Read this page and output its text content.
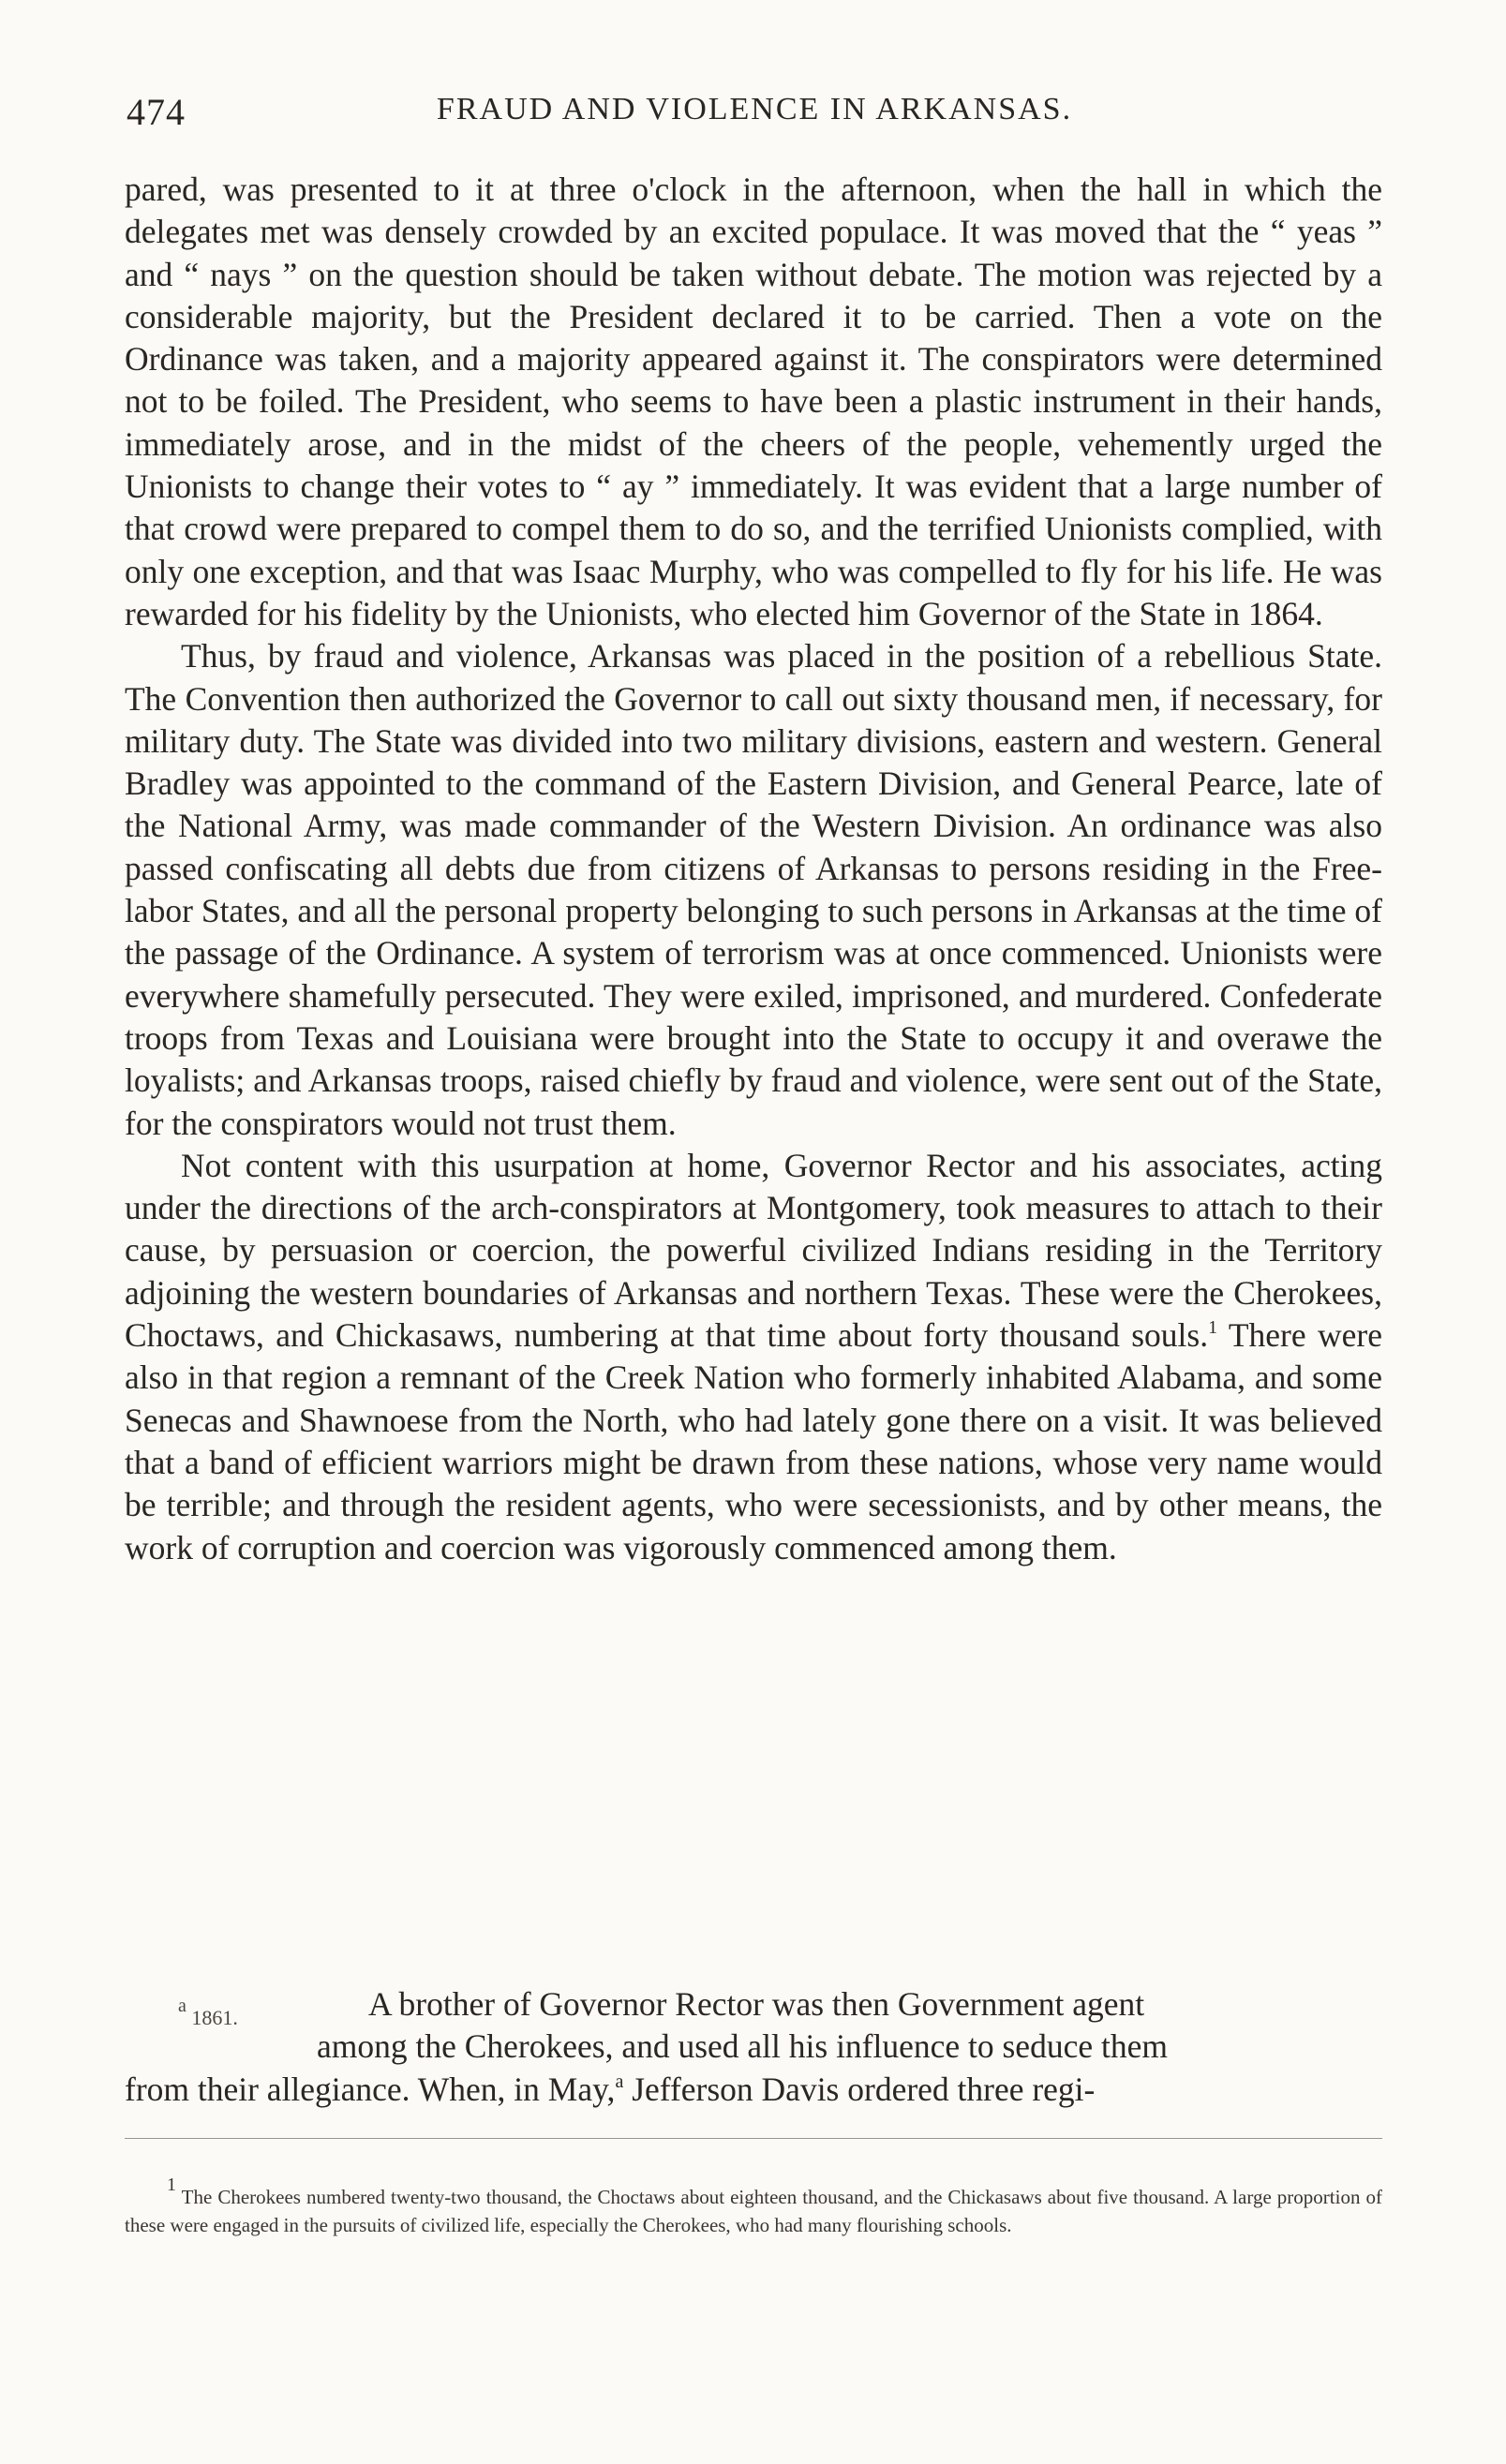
474	FRAUD AND VIOLENCE IN ARKANSAS.

pared, was presented to it at three o'clock in the afternoon, when the hall in which the delegates met was densely crowded by an excited populace. It was moved that the “ yeas ” and “ nays ” on the question should be taken without debate. The motion was rejected by a considerable majority, but the President declared it to be carried. Then a vote on the Ordinance was taken, and a majority appeared against it. The conspirators were determined not to be foiled. The President, who seems to have been a plastic instrument in their hands, immediately arose, and in the midst of the cheers of the people, vehemently urged the Unionists to change their votes to “ ay ” immediately. It was evident that a large number of that crowd were prepared to compel them to do so, and the terrified Unionists complied, with only one exception, and that was Isaac Murphy, who was compelled to fly for his life. He was rewarded for his fidelity by the Unionists, who elected him Governor of the State in 1864.

Thus, by fraud and violence, Arkansas was placed in the position of a rebellious State. The Convention then authorized the Governor to call out sixty thousand men, if necessary, for military duty. The State was divided into two military divisions, eastern and western. General Bradley was appointed to the command of the Eastern Division, and General Pearce, late of the National Army, was made commander of the Western Division. An ordinance was also passed confiscating all debts due from citizens of Arkansas to persons residing in the Free-labor States, and all the personal property belonging to such persons in Arkansas at the time of the passage of the Ordinance. A system of terrorism was at once commenced. Unionists were everywhere shamefully persecuted. They were exiled, imprisoned, and murdered. Confederate troops from Texas and Louisiana were brought into the State to occupy it and overawe the loyalists; and Arkansas troops, raised chiefly by fraud and violence, were sent out of the State, for the conspirators would not trust them.

Not content with this usurpation at home, Governor Rector and his associates, acting under the directions of the arch-conspirators at Montgomery, took measures to attach to their cause, by persuasion or coercion, the powerful civilized Indians residing in the Territory adjoining the western boundaries of Arkansas and northern Texas. These were the Cherokees, Choctaws, and Chickasaws, numbering at that time about forty thousand souls.$^1$ There were also in that region a remnant of the Creek Nation who formerly inhabited Alabama, and some Senecas and Shawnoese from the North, who had lately gone there on a visit. It was believed that a band of efficient warriors might be drawn from these nations, whose very name would be terrible; and through the resident agents, who were secessionists, and by other means, the work of corruption and coercion was vigorously commenced among them.

$^a$ 1861.	A brother of Governor Rector was then Government agent
among the Cherokees, and used all his influence to seduce them
from their allegiance. When, in May,$^a$ Jefferson Davis ordered three regi-

$^1$ The Cherokees numbered twenty-two thousand, the Choctaws about eighteen thousand, and the Chickasaws about five thousand. A large proportion of these were engaged in the pursuits of civilized life, especially the Cherokees, who had many flourishing schools.
